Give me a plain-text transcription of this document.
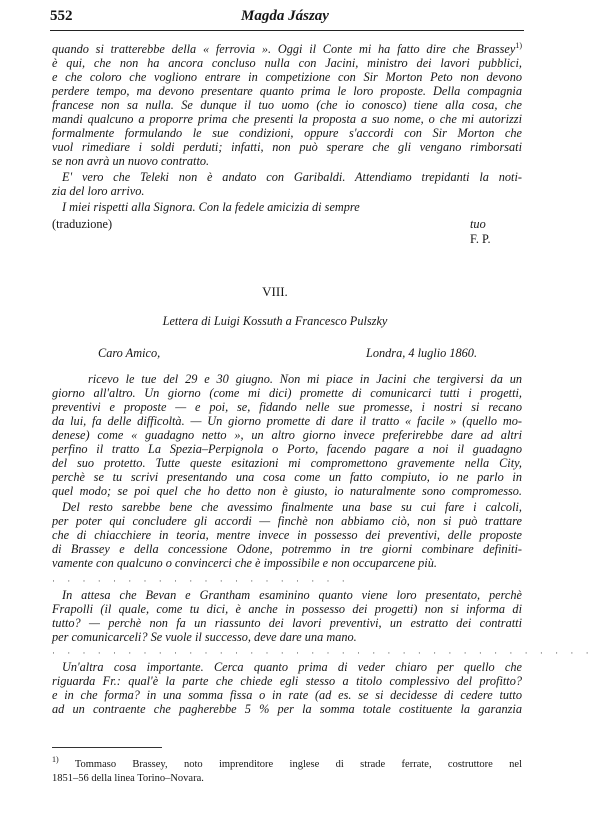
552	Magda Jászay
quando si tratterebbe della « ferrovia ». Oggi il Conte mi ha fatto dire che Brassey$^{1)}$
è qui, che non ha ancora concluso nulla con Jacini, ministro dei lavori pubblici,
e che coloro che vogliono entrare in competizione con Sir Morton Peto non devono
perdere tempo, ma devono presentare quanto prima le loro proposte. Della compagnia
francese non sa nulla. Se dunque il tuo uomo (che io conosco) tiene alla cosa, che
mandi qualcuno a proporre prima che presenti la proposta a suo nome, o che mi autorizzi
formalmente formulando le sue condizioni, oppure s'accordi con Sir Morton che
vuol rimediare i soldi perduti; infatti, non può sperare che gli vengano rimborsati
se non avrà un nuovo contratto.
E' vero che Teleki non è andato con Garibaldi. Attendiamo trepidanti la noti-
zia del loro arrivo.
I miei rispetti alla Signora. Con la fedele amicizia di sempre
(traduzione)	tuo
F. P.
VIII.
Lettera di Luigi Kossuth a Francesco Pulszky
Caro Amico,	Londra, 4 luglio 1860.
ricevo le tue del 29 e 30 giugno. Non mi piace in Jacini che tergiversi da un
giorno all'altro. Un giorno (come mi dici) promette di comunicarci tutti i progetti,
preventivi e proposte — e poi, se, fidando nelle sue promesse, i nostri si recano
da lui, fa delle difficoltà. — Un giorno promette di dare il tratto « facile » (quello mo-
denese) come « guadagno netto », un altro giorno invece preferirebbe dare ad altri
perfino il tratto La Spezia–Perpignola o Porto, facendo pagare a noi il guadagno
del suo protetto. Tutte queste esitazioni mi compromettono gravemente nella City,
perchè se tu scrivi presentando una cosa come un fatto compiuto, io ne parlo in
quel modo; se poi quel che ho detto non è giusto, io naturalmente sono compromesso.
Del resto sarebbe bene che avessimo finalmente una base su cui fare i calcoli,
per poter qui concludere gli accordi — finchè non abbiamo ciò, non si può trattare
che di chiacchiere in teoria, mentre invece in possesso dei preventivi, delle proposte
di Brassey e della concessione Odone, potremmo in tre giorni combinare definiti-
vamente con qualcuno o convincerci che è impossibile e non occuparcene più.
· · · · · · · · · · · · · · · · · · · ·
In attesa che Bevan e Grantham esaminino quanto viene loro presentato, perchè
Frapolli (il quale, come tu dici, è anche in possesso dei progetti) non si informa di
tutto? — perchè non fa un riassunto dei lavori preventivi, un estratto dei contratti
per comunicarceli? Se vuole il successo, deve dare una mano.
· · · · · · · · · · · · · · · · · · · · · · · · · · · · · · · · · · · ·
Un'altra cosa importante. Cerca quanto prima di veder chiaro per quello che
riguarda Fr.: qual'è la parte che chiede egli stesso a titolo complessivo del profitto?
e in che forma? in una somma fissa o in rate (ad es. se si decidesse di cedere tutto
ad un contraente che pagherebbe 5 % per la somma totale costituente la garanzia
$^{1)}$ Tommaso Brassey, noto imprenditore inglese di strade ferrate, costruttore nel
1851–56 della linea Torino–Novara.
